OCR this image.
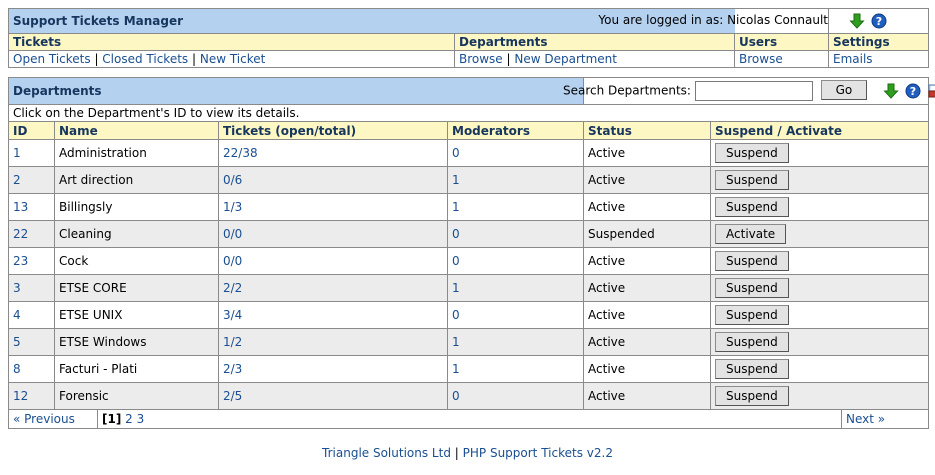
Support Tickets Manager		
Tickets	Departments	Users	Settings
Open Tickets | Closed Tickets | New Ticket	Browse | New Department	Browse	Emails
You are logged in as: Nicolas Connault
Departments	
Click on the Department's ID to view its details.
ID	Name	Tickets (open/total)	Moderators	Status	Suspend / Activate
1	Administration	22/38	0	Active	Suspend
2	Art direction	0/6	1	Active	Suspend
13	Billingsly	1/3	1	Active	Suspend
22	Cleaning	0/0	0	Suspended	Activate
23	Cock	0/0	0	Active	Suspend
3	ETSE CORE	2/2	1	Active	Suspend
4	ETSE UNIX	3/4	0	Active	Suspend
5	ETSE Windows	1/2	1	Active	Suspend
8	Facturi - Plati	2/3	1	Active	Suspend
12	Forensic	2/5	0	Active	Suspend

« Previous	[1] 2 3	Next »
Search Departments:	Go
Triangle Solutions Ltd | PHP Support Tickets v2.2
